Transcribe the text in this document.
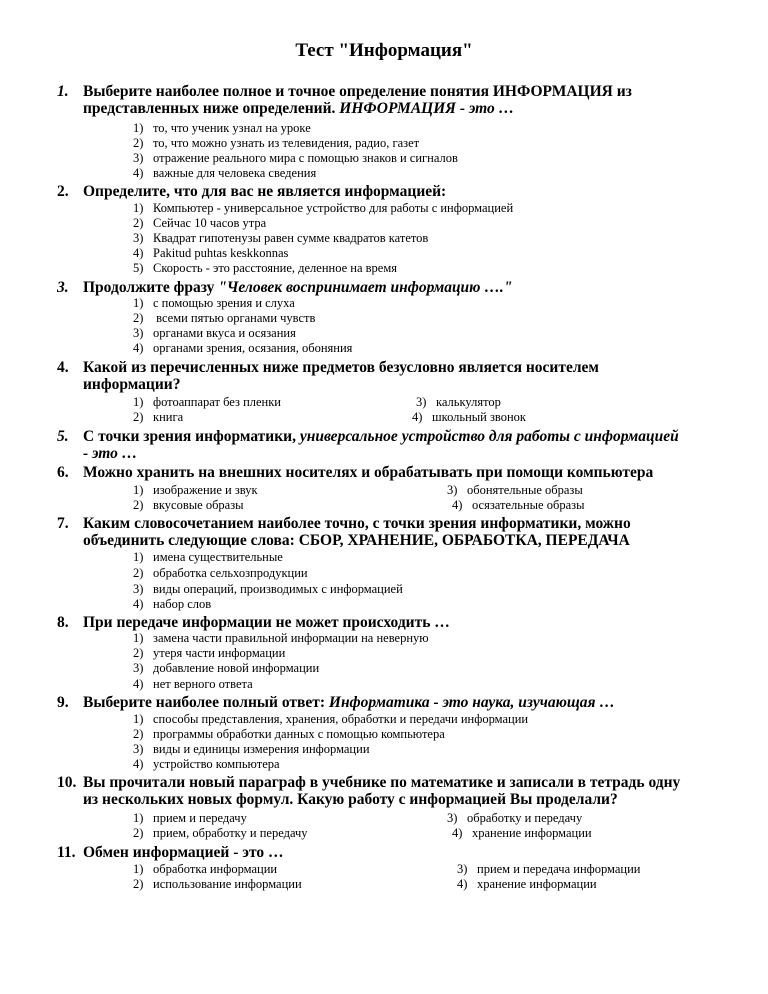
Тест "Информация"
1. Выберите наиболее полное и точное определение понятия ИНФОРМАЦИЯ из представленных ниже определений. ИНФОРМАЦИЯ - это …
1) то, что ученик узнал на уроке
2) то, что можно узнать из телевидения, радио, газет
3) отражение реального мира с помощью знаков и сигналов
4) важные для человека сведения
2. Определите, что для вас не является информацией:
1) Компьютер - универсальное устройство для работы с информацией
2) Сейчас 10 часов утра
3) Квадрат гипотенузы равен сумме квадратов катетов
4) Pakitud puhtas keskkonnas
5) Скорость - это расстояние, деленное на время
3. Продолжите фразу "Человек воспринимает информацию …."
1) с помощью зрения и слуха
2) всеми пятью органами чувств
3) органами вкуса и осязания
4) органами зрения, осязания, обоняния
4. Какой из перечисленных ниже предметов безусловно является носителем информации?
1) фотоаппарат без пленки
2) книга
3) калькулятор
4) школьный звонок
5. С точки зрения информатики, универсальное устройство для работы с информацией - это …
6. Можно хранить на внешних носителях и обрабатывать при помощи компьютера
1) изображение и звук
2) вкусовые образы
3) обонятельные образы
4) осязательные образы
7. Каким словосочетанием наиболее точно, с точки зрения информатики, можно объединить следующие слова: СБОР, ХРАНЕНИЕ, ОБРАБОТКА, ПЕРЕДАЧА
1) имена существительные
2) обработка сельхозпродукции
3) виды операций, производимых с информацией
4) набор слов
8. При передаче информации не может происходить …
1) замена части правильной информации на неверную
2) утеря части информации
3) добавление новой информации
4) нет верного ответа
9. Выберите наиболее полный ответ: Информатика - это наука, изучающая …
1) способы представления, хранения, обработки и передачи информации
2) программы обработки данных с помощью компьютера
3) виды и единицы измерения информации
4) устройство компьютера
10. Вы прочитали новый параграф в учебнике по математике и записали в тетрадь одну из нескольких новых формул. Какую работу с информацией Вы проделали?
1) прием и передачу
2) прием, обработку и передачу
3) обработку и передачу
4) хранение информации
11. Обмен информацией - это …
1) обработка информации
2) использование информации
3) прием и передача информации
4) хранение информации
